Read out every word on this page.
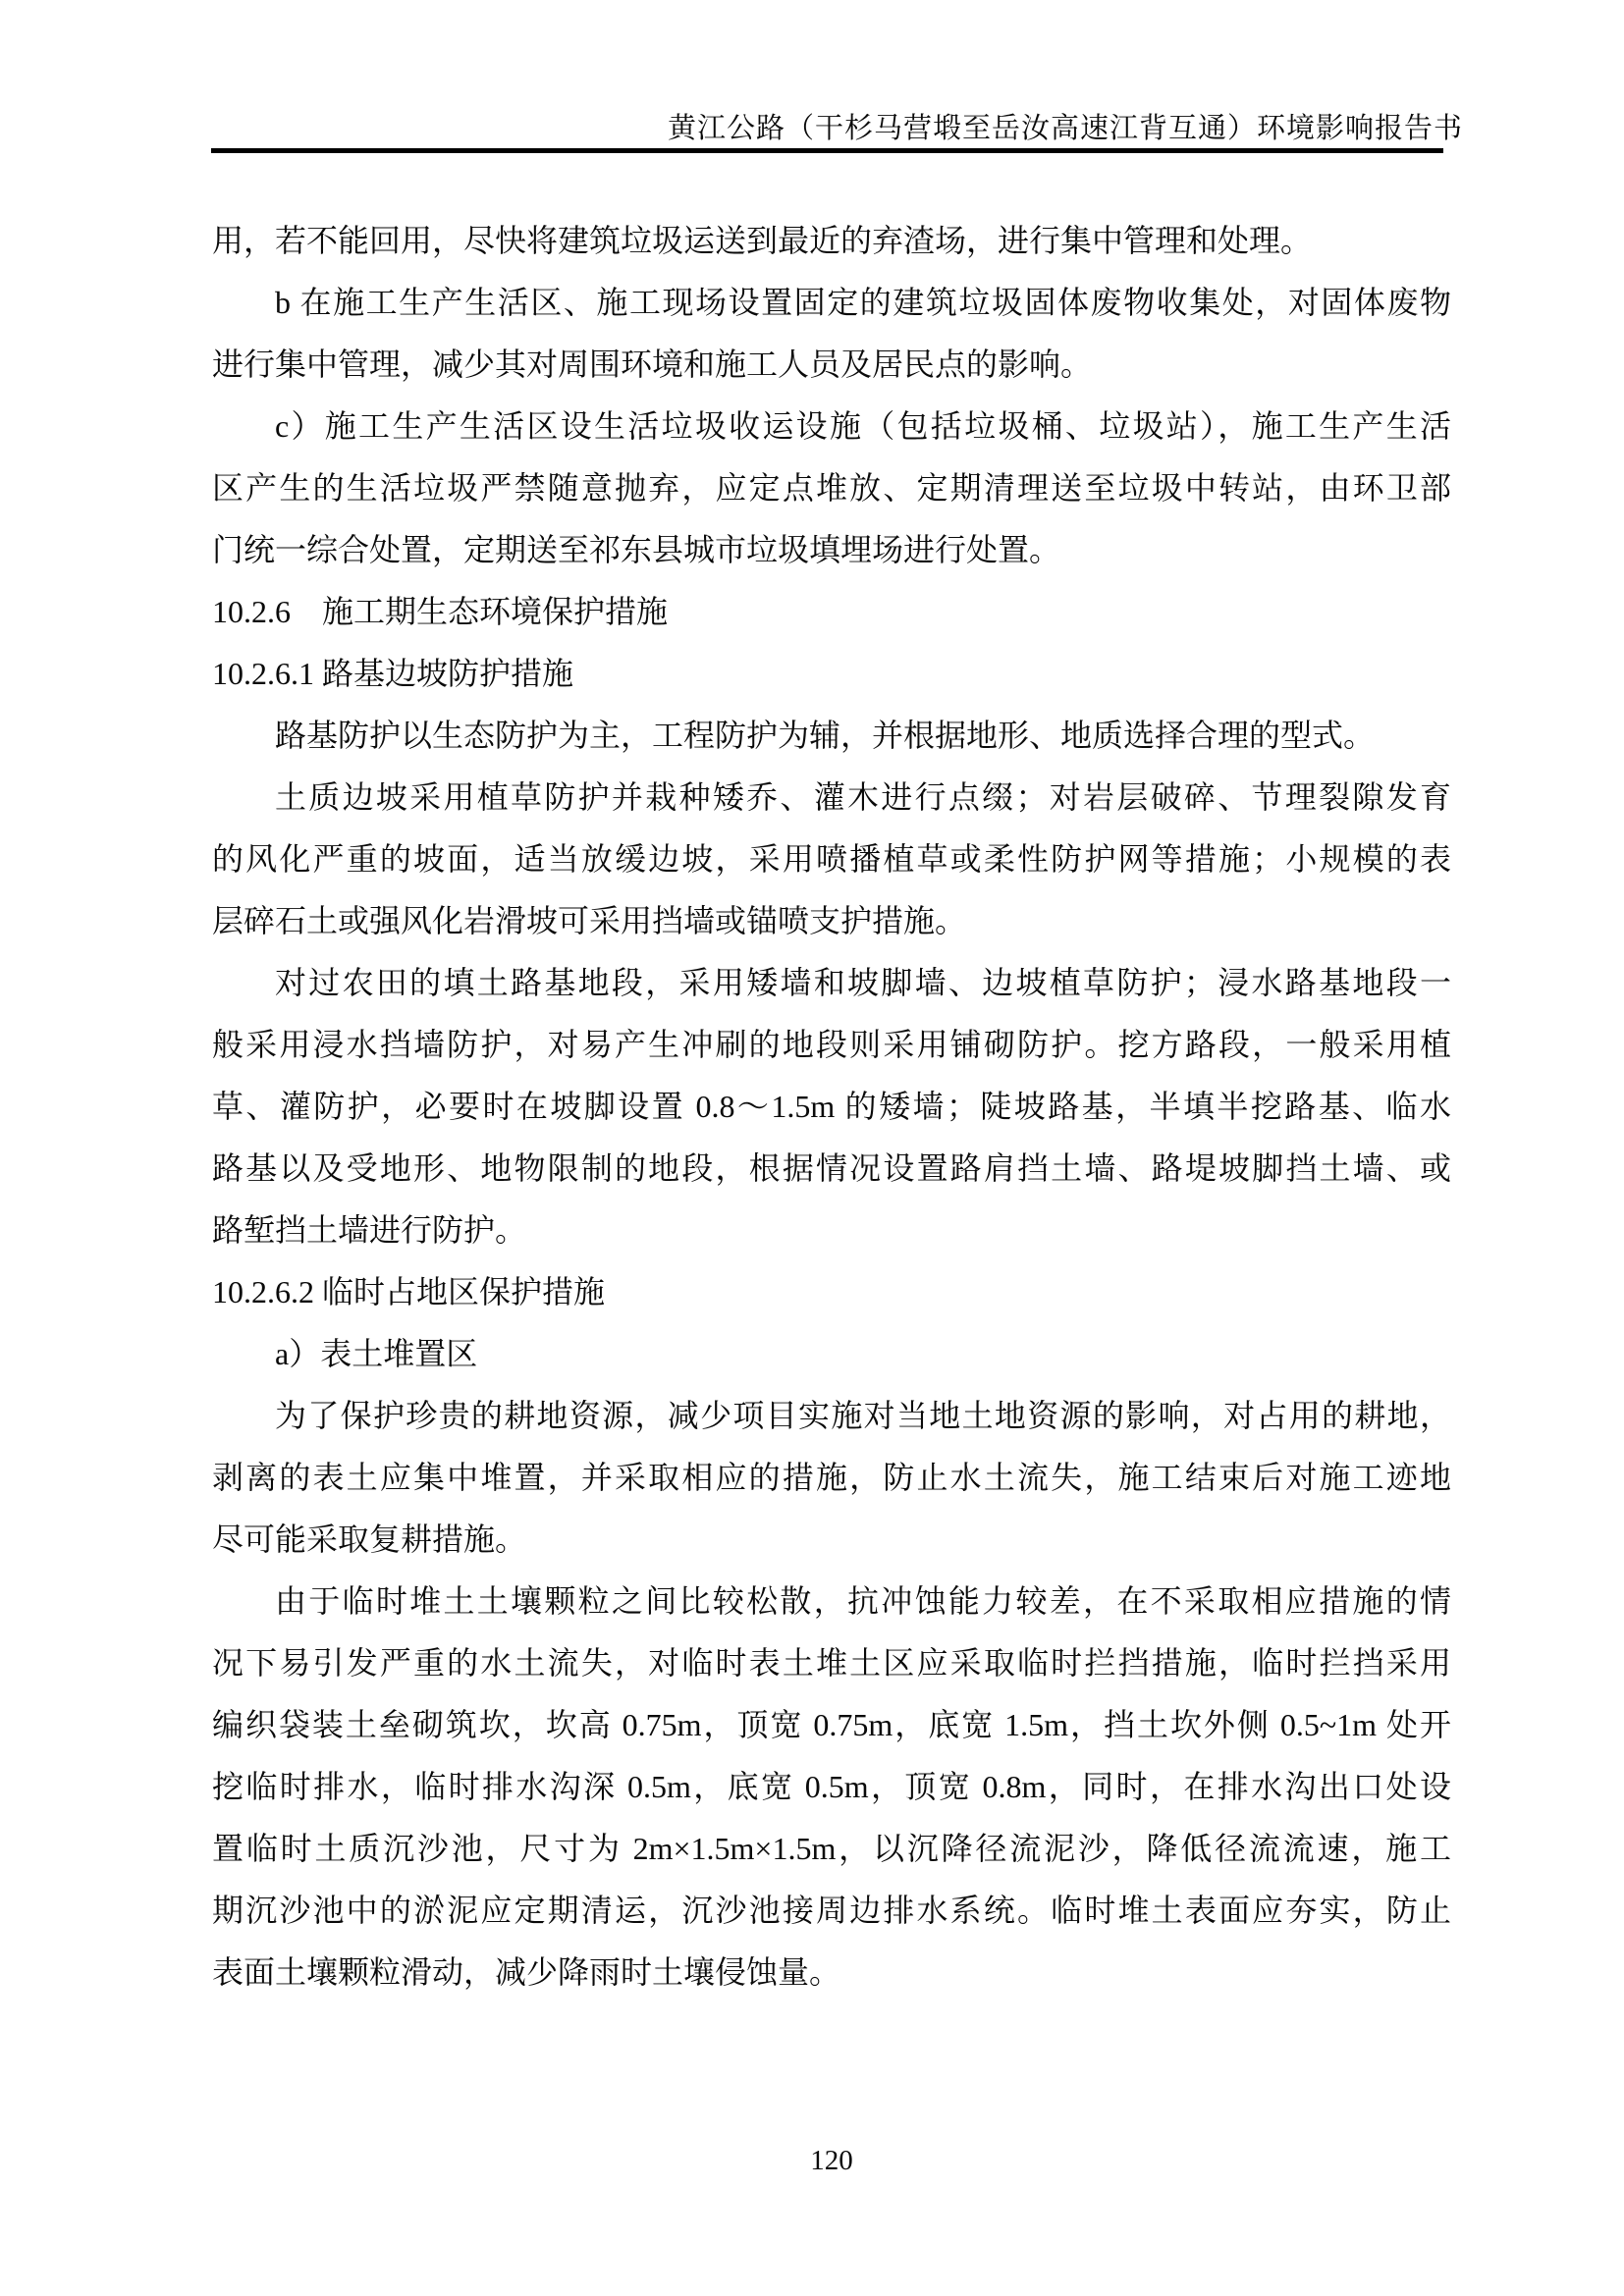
黄江公路（干杉马营塅至岳汝高速江背互通）环境影响报告书
用，若不能回用，尽快将建筑垃圾运送到最近的弃渣场，进行集中管理和处理。
b 在施工生产生活区、施工现场设置固定的建筑垃圾固体废物收集处，对固体废物
进行集中管理，减少其对周围环境和施工人员及居民点的影响。
c）施工生产生活区设生活垃圾收运设施（包括垃圾桶、垃圾站），施工生产生活
区产生的生活垃圾严禁随意抛弃，应定点堆放、定期清理送至垃圾中转站，由环卫部
门统一综合处置，定期送至祁东县城市垃圾填埋场进行处置。
10.2.6　施工期生态环境保护措施
10.2.6.1 路基边坡防护措施
路基防护以生态防护为主，工程防护为辅，并根据地形、地质选择合理的型式。
土质边坡采用植草防护并栽种矮乔、灌木进行点缀；对岩层破碎、节理裂隙发育
的风化严重的坡面，适当放缓边坡，采用喷播植草或柔性防护网等措施；小规模的表
层碎石土或强风化岩滑坡可采用挡墙或锚喷支护措施。
对过农田的填土路基地段，采用矮墙和坡脚墙、边坡植草防护；浸水路基地段一
般采用浸水挡墙防护，对易产生冲刷的地段则采用铺砌防护。挖方路段，一般采用植
草、灌防护，必要时在坡脚设置 0.8～1.5m 的矮墙；陡坡路基，半填半挖路基、临水
路基以及受地形、地物限制的地段，根据情况设置路肩挡土墙、路堤坡脚挡土墙、或
路堑挡土墙进行防护。
10.2.6.2 临时占地区保护措施
a）表土堆置区
为了保护珍贵的耕地资源，减少项目实施对当地土地资源的影响，对占用的耕地，
剥离的表土应集中堆置，并采取相应的措施，防止水土流失，施工结束后对施工迹地
尽可能采取复耕措施。
由于临时堆土土壤颗粒之间比较松散，抗冲蚀能力较差，在不采取相应措施的情
况下易引发严重的水土流失，对临时表土堆土区应采取临时拦挡措施，临时拦挡采用
编织袋装土垒砌筑坎，坎高 0.75m，顶宽 0.75m，底宽 1.5m，挡土坎外侧 0.5~1m 处开
挖临时排水，临时排水沟深 0.5m，底宽 0.5m，顶宽 0.8m，同时，在排水沟出口处设
置临时土质沉沙池，尺寸为 2m×1.5m×1.5m，以沉降径流泥沙，降低径流流速，施工
期沉沙池中的淤泥应定期清运，沉沙池接周边排水系统。临时堆土表面应夯实，防止
表面土壤颗粒滑动，减少降雨时土壤侵蚀量。
120
